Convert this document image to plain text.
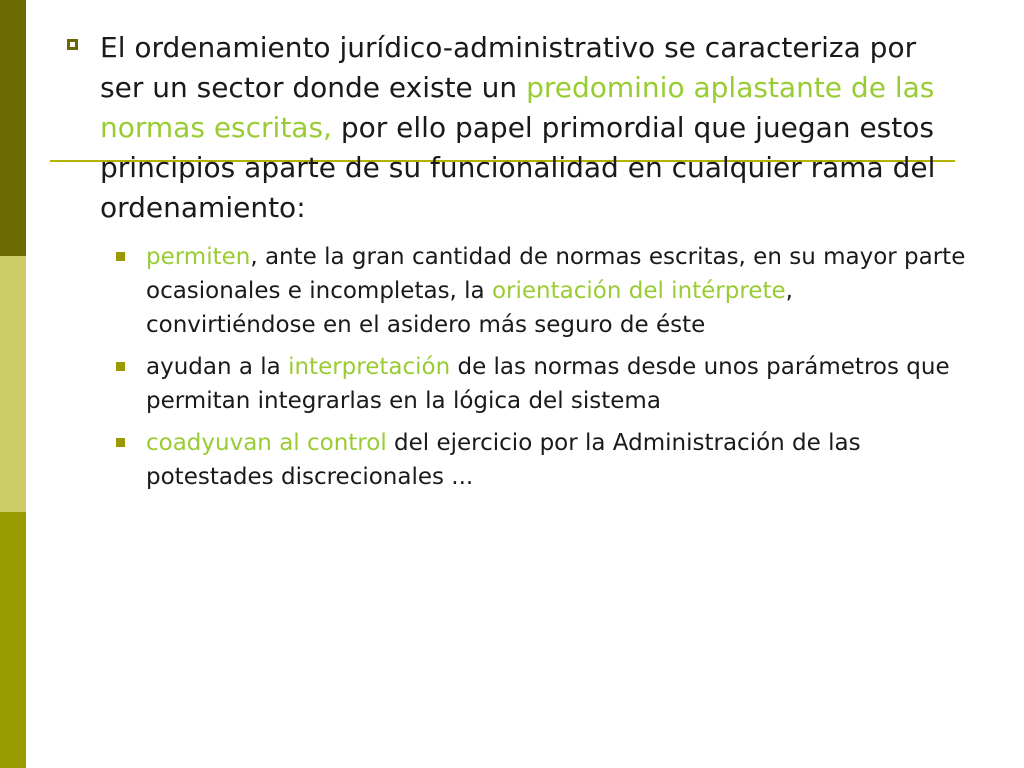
El ordenamiento jurídico-administrativo se caracteriza por ser un sector donde existe un predominio aplastante de las normas escritas, por ello papel primordial que juegan estos principios aparte de su funcionalidad en cualquier rama del ordenamiento:

permiten, ante la gran cantidad de normas escritas, en su mayor parte ocasionales e incompletas, la orientación del intérprete, convirtiéndose en el asidero más seguro de éste
ayudan a la interpretación de las normas desde unos parámetros que permitan integrarlas en la lógica del sistema
coadyuvan al control del ejercicio por la Administración de las potestades discrecionales ...
